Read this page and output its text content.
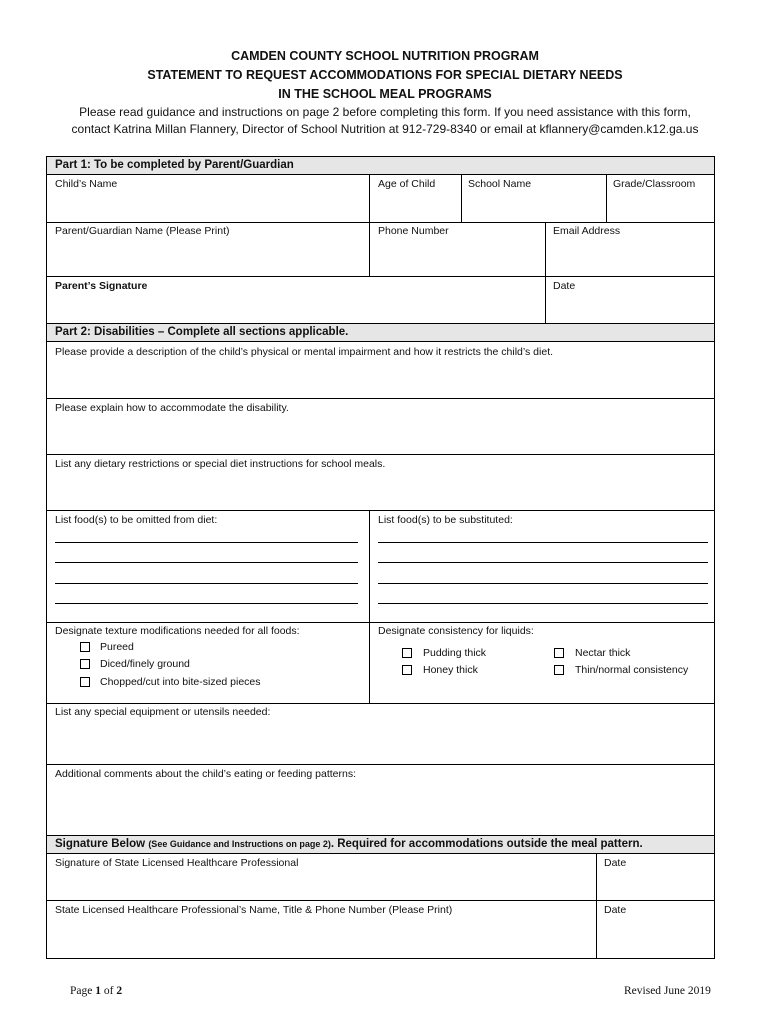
CAMDEN COUNTY SCHOOL NUTRITION PROGRAM
STATEMENT TO REQUEST ACCOMMODATIONS FOR SPECIAL DIETARY NEEDS
IN THE SCHOOL MEAL PROGRAMS
Please read guidance and instructions on page 2 before completing this form. If you need assistance with this form,
contact Katrina Millan Flannery, Director of School Nutrition at 912-729-8340 or email at kflannery@camden.k12.ga.us
Part 1: To be completed by Parent/Guardian
Child’s Name	Age of Child	School Name	Grade/Classroom
Parent/Guardian Name (Please Print)	Phone Number	Email Address
Parent’s Signature	Date
Part 2: Disabilities – Complete all sections applicable.
Please provide a description of the child’s physical or mental impairment and how it restricts the child’s diet.
Please explain how to accommodate the disability.
List any dietary restrictions or special diet instructions for school meals.
List food(s) to be omitted from diet:	List food(s) to be substituted:
Designate texture modifications needed for all foods:
Pureed
Diced/finely ground
Chopped/cut into bite-sized pieces
Designate consistency for liquids:
Pudding thick	Nectar thick
Honey thick	Thin/normal consistency
List any special equipment or utensils needed:
Additional comments about the child’s eating or feeding patterns:
Signature Below (See Guidance and Instructions on page 2). Required for accommodations outside the meal pattern.
Signature of State Licensed Healthcare Professional	Date
State Licensed Healthcare Professional’s Name, Title & Phone Number (Please Print)	Date
Page 1 of 2	Revised June 2019
